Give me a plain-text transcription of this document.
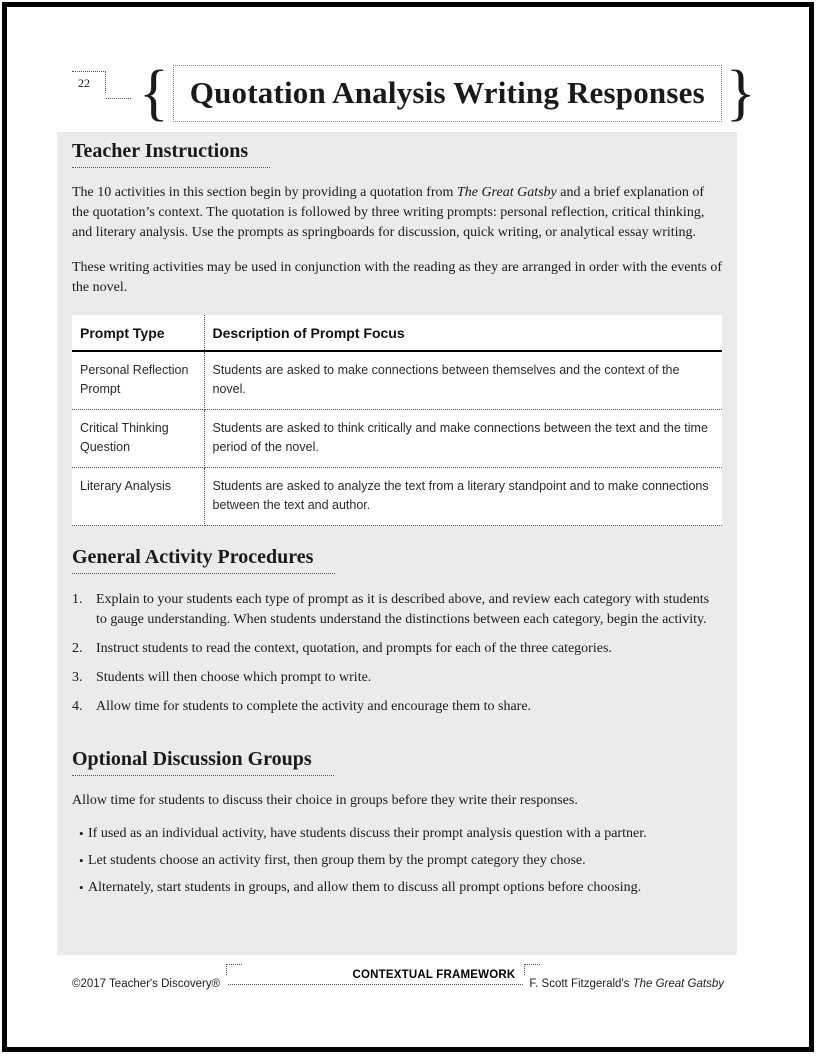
22 { Quotation Analysis Writing Responses }
Teacher Instructions

The 10 activities in this section begin by providing a quotation from The Great Gatsby and a brief explanation of the quotation’s context. The quotation is followed by three writing prompts: personal reflection, critical thinking, and literary analysis. Use the prompts as springboards for discussion, quick writing, or analytical essay writing.

These writing activities may be used in conjunction with the reading as they are arranged in order with the events of the novel.

Prompt Type	Description of Prompt Focus
Personal Reflection Prompt	Students are asked to make connections between themselves and the context of the novel.
Critical Thinking Question	Students are asked to think critically and make connections between the text and the time period of the novel.
Literary Analysis	Students are asked to analyze the text from a literary standpoint and to make connections between the text and author.
General Activity Procedures
1. Explain to your students each type of prompt as it is described above, and review each category with students to gauge understanding. When students understand the distinctions between each category, begin the activity.
2. Instruct students to read the context, quotation, and prompts for each of the three categories.
3. Students will then choose which prompt to write.
4. Allow time for students to complete the activity and encourage them to share.
Optional Discussion Groups

Allow time for students to discuss their choice in groups before they write their responses.

• If used as an individual activity, have students discuss their prompt analysis question with a partner.
• Let students choose an activity first, then group them by the prompt category they chose.
• Alternately, start students in groups, and allow them to discuss all prompt options before choosing.
©2017 Teacher's Discovery®
CONTEXTUAL FRAMEWORK
F. Scott Fitzgerald's The Great Gatsby
